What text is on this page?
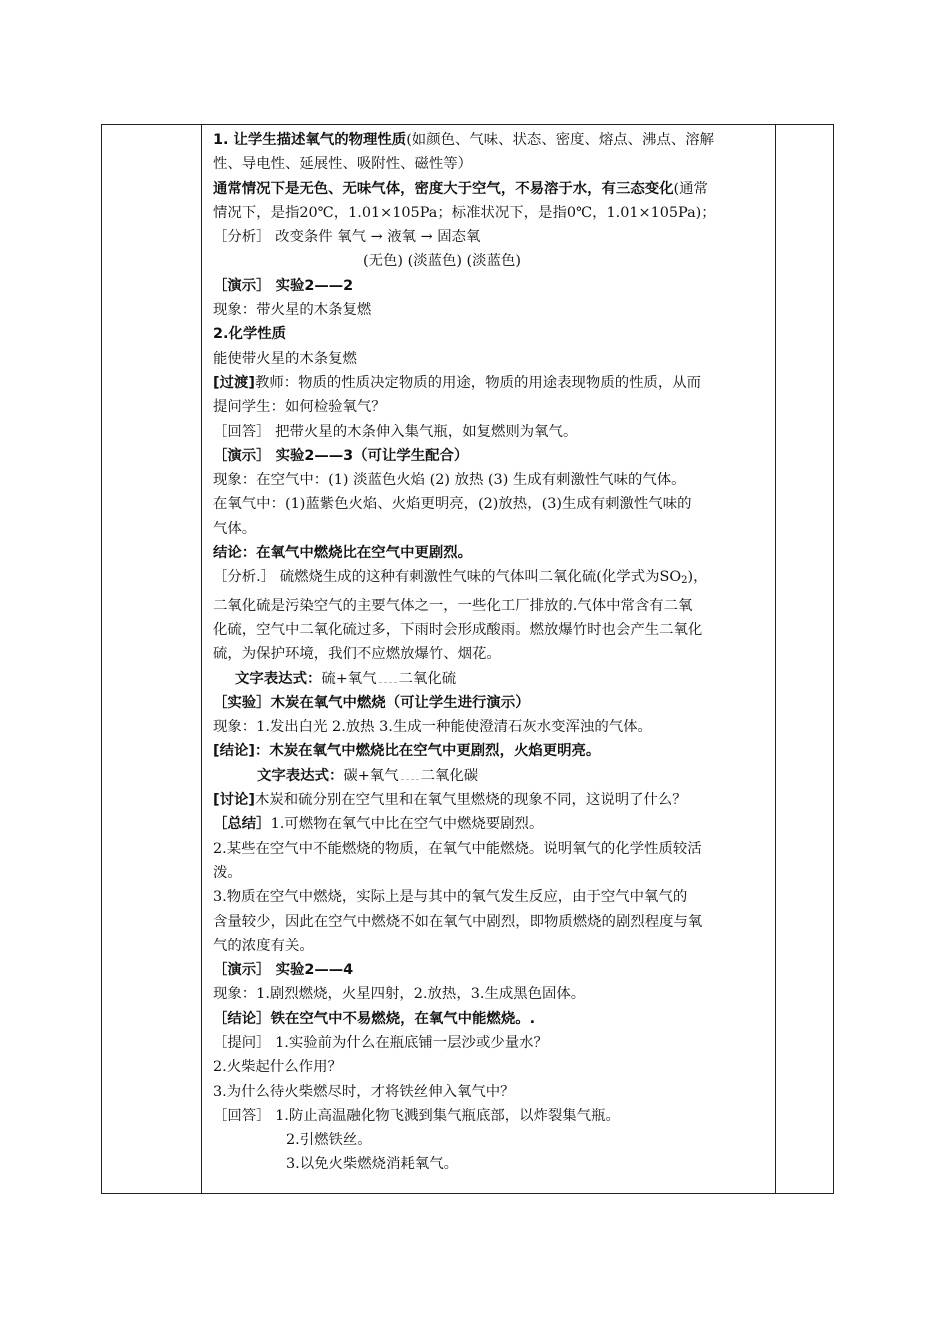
1. 让学生描述氧气的物理性质(如颜色、气味、状态、密度、熔点、沸点、溶解

性、导电性、延展性、吸附性、磁性等）

通常情况下是无色、无味气体，密度大于空气，不易溶于水，有三态变化(通常

情况下，是指20℃，1.01×105Pa；标准状况下，是指0℃，1.01×105Pa)；

［分析］ 改变条件 氧气 → 液氧 → 固态氧

(无色) (淡蓝色) (淡蓝色)

［演示］ 实验2——2

现象：带火星的木条复燃

2.化学性质

能使带火星的木条复燃

[过渡]教师：物质的性质决定物质的用途，物质的用途表现物质的性质，从而

提问学生：如何检验氧气？

［回答］ 把带火星的木条伸入集气瓶，如复燃则为氧气。

［演示］ 实验2——3（可让学生配合）

现象：在空气中：(1) 淡蓝色火焰 (2) 放热 (3) 生成有刺激性气味的气体。

在氧气中：(1)蓝紫色火焰、火焰更明亮，(2)放热，(3)生成有刺激性气味的

气体。

结论：在氧气中燃烧比在空气中更剧烈。

［分析.］ 硫燃烧生成的这种有刺激性气味的气体叫二氧化硫(化学式为$SO_2$)，

二氧化硫是污染空气的主要气体之一，一些化工厂排放的.气体中常含有二氧

化硫，空气中二氧化硫过多，下雨时会形成酸雨。燃放爆竹时也会产生二氧化

硫，为保护环境，我们不应燃放爆竹、烟花。

文字表达式：硫+氧气 二氧化硫

［实验］木炭在氧气中燃烧（可让学生进行演示）

现象：1.发出白光 2.放热 3.生成一种能使澄清石灰水变浑浊的气体。

[结论]：木炭在氧气中燃烧比在空气中更剧烈，火焰更明亮。

文字表达式：碳+氧气 二氧化碳

[讨论]木炭和硫分别在空气里和在氧气里燃烧的现象不同，这说明了什么？

［总结］1.可燃物在氧气中比在空气中燃烧要剧烈。

2.某些在空气中不能燃烧的物质，在氧气中能燃烧。说明氧气的化学性质较活

泼。

3.物质在空气中燃烧，实际上是与其中的氧气发生反应，由于空气中氧气的

含量较少，因此在空气中燃烧不如在氧气中剧烈，即物质燃烧的剧烈程度与氧

气的浓度有关。

［演示］ 实验2——4

现象：1.剧烈燃烧，火星四射，2.放热，3.生成黑色固体。

［结论］铁在空气中不易燃烧，在氧气中能燃烧。.

［提问］ 1.实验前为什么在瓶底铺一层沙或少量水？

2.火柴起什么作用？

3.为什么待火柴燃尽时，才将铁丝伸入氧气中？

［回答］ 1.防止高温融化物飞溅到集气瓶底部，以炸裂集气瓶。

2.引燃铁丝。

3.以免火柴燃烧消耗氧气。
